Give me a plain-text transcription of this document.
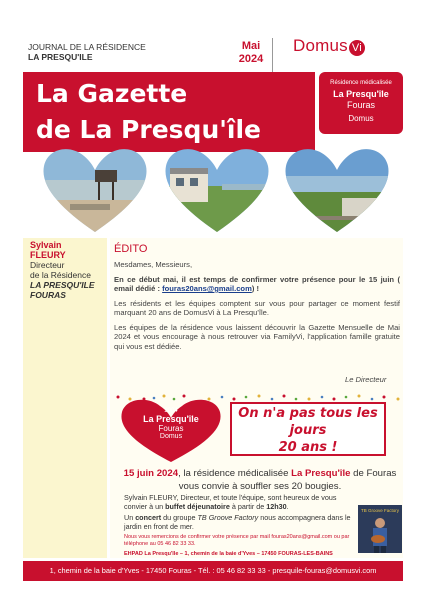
JOURNAL DE LA RÉSIDENCE
LA PRESQU'ILE
Mai
2024
Domus Vi
La Gazette
de La Presqu'île
Résidence médicalisée
La Presqu'île
Fouras
Domus
Sylvain
FLEURY
Directeur
de la Résidence
LA PRESQU'ILE
FOURAS
ÉDITO

Mesdames, Messieurs,

En ce début mai, il est temps de confirmer votre présence pour le 15 juin ( email dédié : fouras20ans@gmail.com) !

Les résidents et les équipes comptent sur vous pour partager ce moment festif marquant 20 ans de DomusVi à La Presqu'île.

Les équipes de la résidence vous laissent découvrir la Gazette Mensuelle de Mai 2024 et vous encourage à nous retrouver via FamilyVi, l'application famille gratuite qui vous est dédiée.

Le Directeur
2004
La Presqu'île
Fouras
Domus
On n'a pas tous les jours
20 ans !
15 juin 2024, la résidence médicalisée La Presqu'île de Fouras vous convie à souffler ses 20 bougies.

Sylvain FLEURY, Directeur, et toute l'équipe, sont heureux de vous convier à un buffet déjeunatoire à partir de 12h30.

Un concert du groupe TB Groove Factory nous accompagnera dans le jardin en front de mer.

Nous vous remercions de confirmer votre présence par mail fouras20ans@gmail.com ou par téléphone au 05 46 82 33 33.

EHPAD La Presqu'île – 1, chemin de la baie d'Yves – 17450 FOURAS-LES-BAINS

TB Groove Factory
1, chemin de la baie d'Yves - 17450 Fouras - Tél. : 05 46 82 33 33 - presquile-fouras@domusvi.com
